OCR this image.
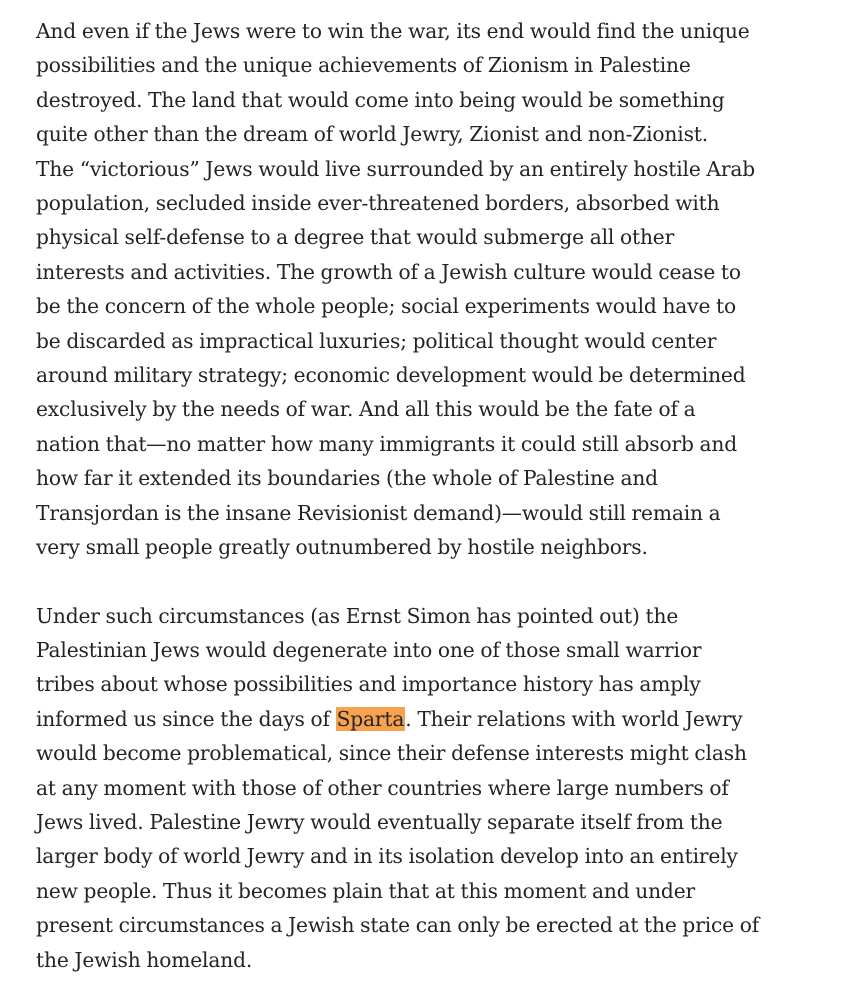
And even if the Jews were to win the war, its end would find the unique
possibilities and the unique achievements of Zionism in Palestine
destroyed. The land that would come into being would be something
quite other than the dream of world Jewry, Zionist and non-Zionist.
The “victorious” Jews would live surrounded by an entirely hostile Arab
population, secluded inside ever-threatened borders, absorbed with
physical self-defense to a degree that would submerge all other
interests and activities. The growth of a Jewish culture would cease to
be the concern of the whole people; social experiments would have to
be discarded as impractical luxuries; political thought would center
around military strategy; economic development would be determined
exclusively by the needs of war. And all this would be the fate of a
nation that—no matter how many immigrants it could still absorb and
how far it extended its boundaries (the whole of Palestine and
Transjordan is the insane Revisionist demand)—would still remain a
very small people greatly outnumbered by hostile neighbors.

Under such circumstances (as Ernst Simon has pointed out) the
Palestinian Jews would degenerate into one of those small warrior
tribes about whose possibilities and importance history has amply
informed us since the days of Sparta. Their relations with world Jewry
would become problematical, since their defense interests might clash
at any moment with those of other countries where large numbers of
Jews lived. Palestine Jewry would eventually separate itself from the
larger body of world Jewry and in its isolation develop into an entirely
new people. Thus it becomes plain that at this moment and under
present circumstances a Jewish state can only be erected at the price of
the Jewish homeland.
